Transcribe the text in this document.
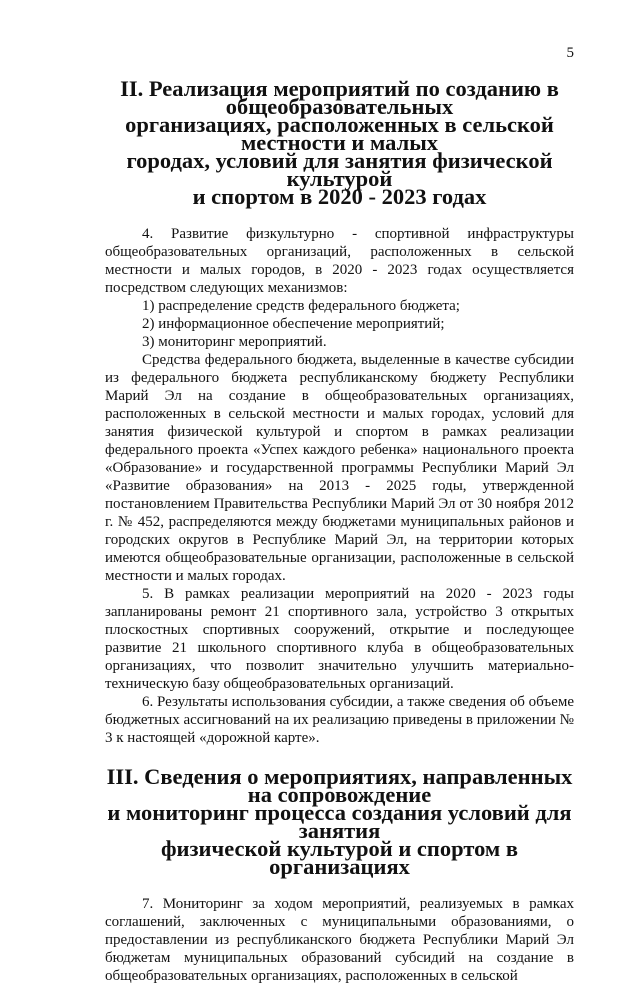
5
II. Реализация мероприятий по созданию в общеобразовательных
организациях, расположенных в сельской местности и малых
городах, условий для занятия физической культурой
и спортом в 2020 - 2023 годах

4. Развитие физкультурно - спортивной инфраструктуры общеобразовательных организаций, расположенных в сельской местности и малых городов, в 2020 - 2023 годах осуществляется посредством следующих механизмов:

1) распределение средств федерального бюджета;

2) информационное обеспечение мероприятий;

3) мониторинг мероприятий.

Средства федерального бюджета, выделенные в качестве субсидии из федерального бюджета республиканскому бюджету Республики Марий Эл на создание в общеобразовательных организациях, расположенных в сельской местности и малых городах, условий для занятия физической культурой и спортом в рамках реализации федерального проекта «Успех каждого ребенка» национального проекта «Образование» и государственной программы Республики Марий Эл «Развитие образования» на 2013 - 2025 годы, утвержденной постановлением Правительства Республики Марий Эл от 30 ноября 2012 г. № 452, распределяются между бюджетами муниципальных районов и городских округов в Республике Марий Эл, на территории которых имеются общеобразовательные организации, расположенные в сельской местности и малых городах.

5. В рамках реализации мероприятий на 2020 - 2023 годы запланированы ремонт 21 спортивного зала, устройство 3 открытых плоскостных спортивных сооружений, открытие и последующее развитие 21 школьного спортивного клуба в общеобразовательных организациях, что позволит значительно улучшить материально-техническую базу общеобразовательных организаций.

6. Результаты использования субсидии, а также сведения об объеме бюджетных ассигнований на их реализацию приведены в приложении № 3 к настоящей «дорожной карте».

III. Сведения о мероприятиях, направленных на сопровождение
и мониторинг процесса создания условий для занятия
физической культурой и спортом в организациях

7. Мониторинг за ходом мероприятий, реализуемых в рамках соглашений, заключенных с муниципальными образованиями, о предоставлении из республиканского бюджета Республики Марий Эл бюджетам муниципальных образований субсидий на создание в общеобразовательных организациях, расположенных в сельской
